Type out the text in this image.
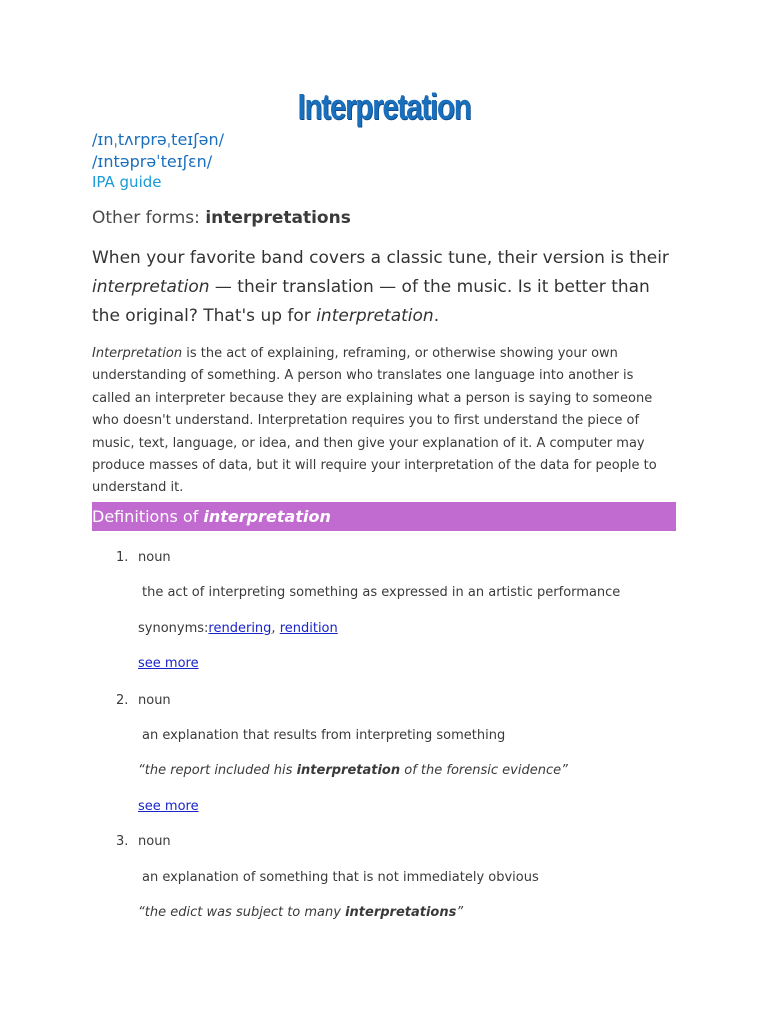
Interpretation
/ɪnˌtʌrprəˌteɪʃən/
/ɪntəprəˈteɪʃɛn/
IPA guide
Other forms: interpretations
When your favorite band covers a classic tune, their version is their interpretation — their translation — of the music. Is it better than the original? That's up for interpretation.
Interpretation is the act of explaining, reframing, or otherwise showing your own understanding of something. A person who translates one language into another is called an interpreter because they are explaining what a person is saying to someone who doesn't understand. Interpretation requires you to first understand the piece of music, text, language, or idea, and then give your explanation of it. A computer may produce masses of data, but it will require your interpretation of the data for people to understand it.
Definitions of interpretation
1. noun
the act of interpreting something as expressed in an artistic performance
synonyms:rendering, rendition
see more
2. noun
an explanation that results from interpreting something
“the report included his interpretation of the forensic evidence”
see more
3. noun
an explanation of something that is not immediately obvious
“the edict was subject to many interpretations”
